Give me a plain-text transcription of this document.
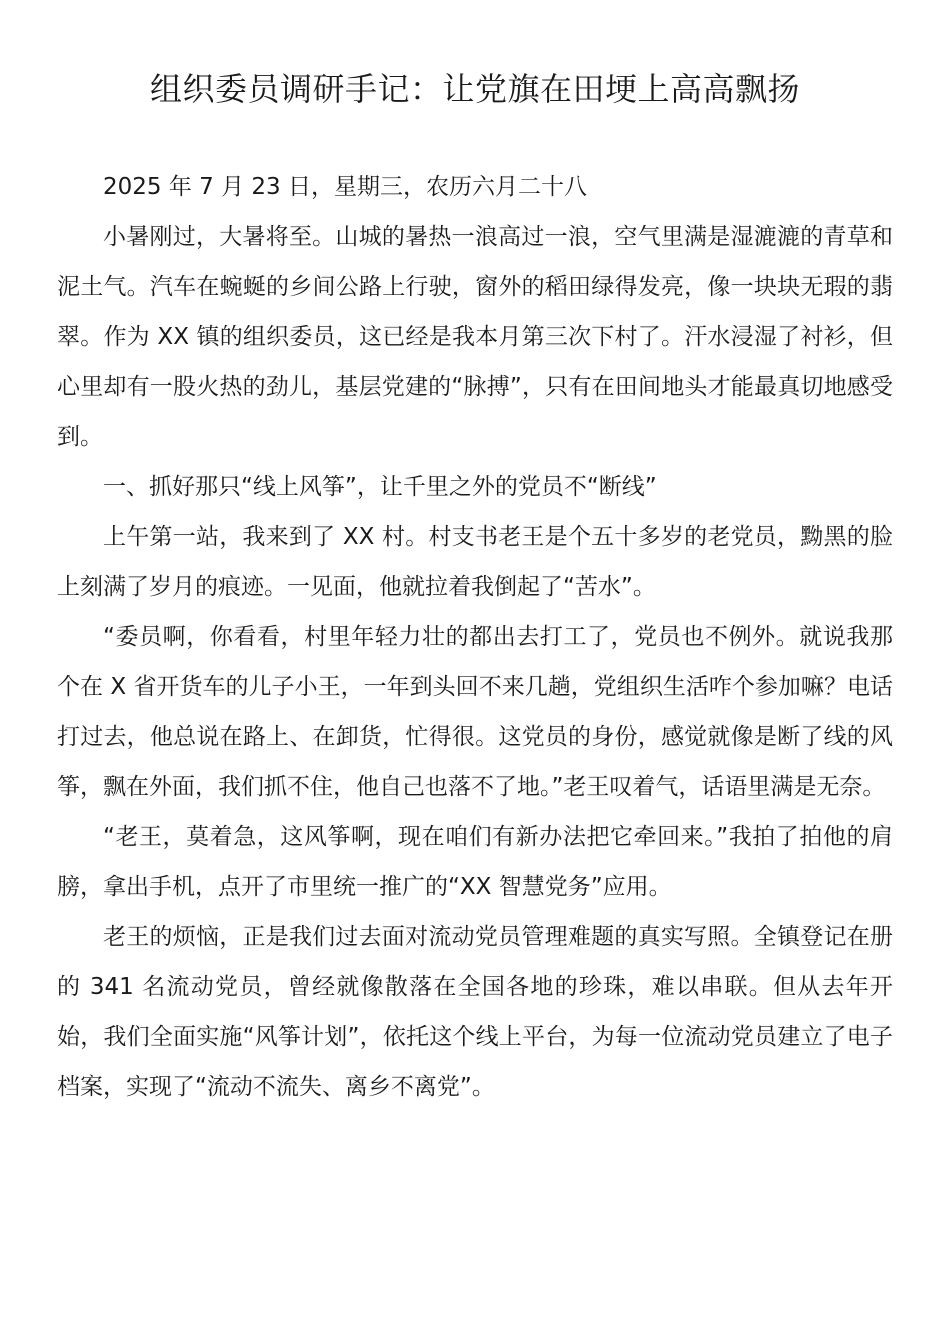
组织委员调研手记：让党旗在田埂上高高飘扬

2025 年 7 月 23 日，星期三，农历六月二十八

小暑刚过，大暑将至。山城的暑热一浪高过一浪，空气里满是湿漉漉的青草和泥土气。汽车在蜿蜒的乡间公路上行驶，窗外的稻田绿得发亮，像一块块无瑕的翡翠。作为 XX 镇的组织委员，这已经是我本月第三次下村了。汗水浸湿了衬衫，但心里却有一股火热的劲儿，基层党建的“脉搏”，只有在田间地头才能最真切地感受到。

一、抓好那只“线上风筝”，让千里之外的党员不“断线”

上午第一站，我来到了 XX 村。村支书老王是个五十多岁的老党员，黝黑的脸上刻满了岁月的痕迹。一见面，他就拉着我倒起了“苦水”。

“委员啊，你看看，村里年轻力壮的都出去打工了，党员也不例外。就说我那个在 X 省开货车的儿子小王，一年到头回不来几趟，党组织生活咋个参加嘛？电话打过去，他总说在路上、在卸货，忙得很。这党员的身份，感觉就像是断了线的风筝，飘在外面，我们抓不住，他自己也落不了地。”老王叹着气，话语里满是无奈。

“老王，莫着急，这风筝啊，现在咱们有新办法把它牵回来。”我拍了拍他的肩膀，拿出手机，点开了市里统一推广的“XX 智慧党务”应用。

老王的烦恼，正是我们过去面对流动党员管理难题的真实写照。全镇登记在册的 341 名流动党员，曾经就像散落在全国各地的珍珠，难以串联。但从去年开始，我们全面实施“风筝计划”，依托这个线上平台，为每一位流动党员建立了电子档案，实现了“流动不流失、离乡不离党”。
